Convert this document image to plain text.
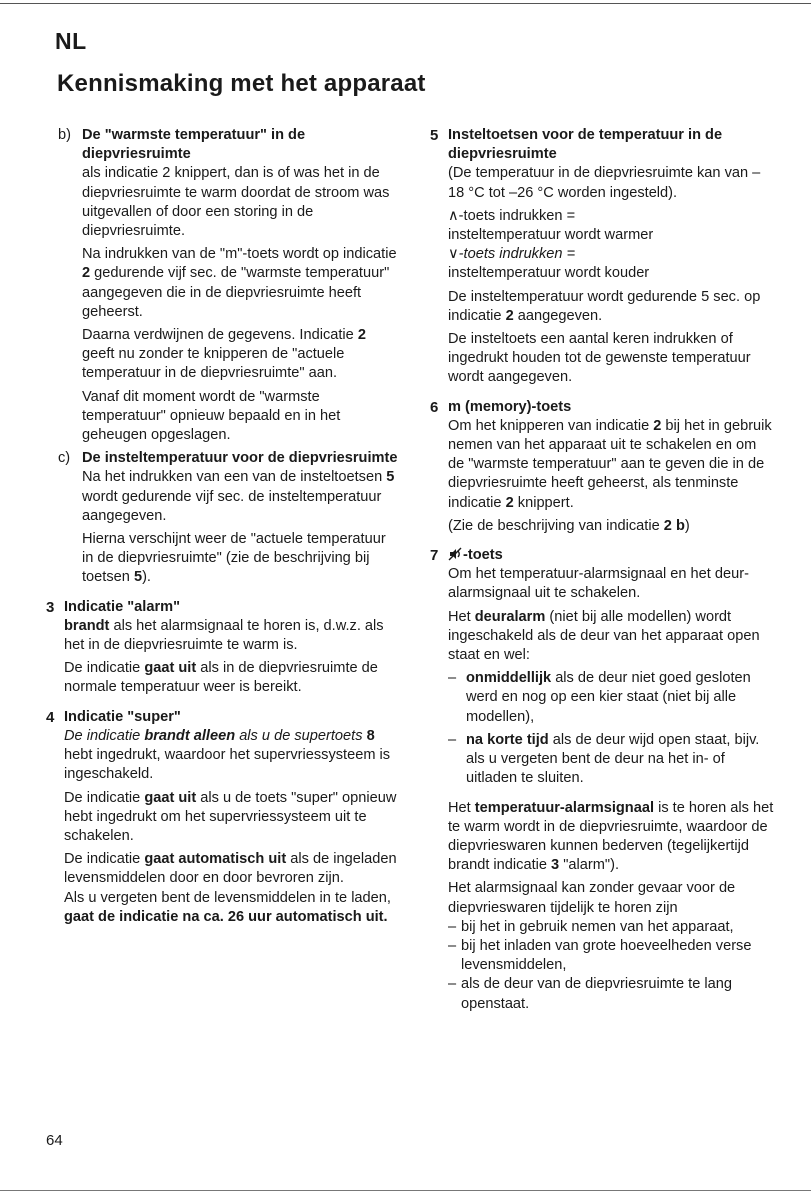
NL
Kennismaking met het apparaat
b) De "warmste temperatuur" in de diepvriesruimte

als indicatie 2 knippert, dan is of was het in de diepvriesruimte te warm doordat de stroom was uitgevallen of door een storing in de diepvriesruimte.

Na indrukken van de "m"-toets wordt op indicatie 2 gedurende vijf sec. de "warmste temperatuur" aangegeven die in de diepvriesruimte heeft geheerst.

Daarna verdwijnen de gegevens. Indicatie 2 geeft nu zonder te knipperen de "actuele temperatuur in de diepvriesruimte" aan.

Vanaf dit moment wordt de "warmste temperatuur" opnieuw bepaald en in het geheugen opgeslagen.

c) De insteltemperatuur voor de diepvriesruimte

Na het indrukken van een van de insteltoetsen 5 wordt gedurende vijf sec. de insteltemperatuur aangegeven.

Hierna verschijnt weer de "actuele temperatuur in de diepvriesruimte" (zie de beschrijving bij toetsen 5).

3 Indicatie "alarm"

brandt als het alarmsignaal te horen is, d.w.z. als het in de diepvriesruimte te warm is.

De indicatie gaat uit als in de diepvriesruimte de normale temperatuur weer is bereikt.

4 Indicatie "super"

De indicatie brandt alleen als u de supertoets 8 hebt ingedrukt, waardoor het supervriessysteem is ingeschakeld.

De indicatie gaat uit als u de toets "super" opnieuw hebt ingedrukt om het supervriessysteem uit te schakelen.

De indicatie gaat automatisch uit als de ingeladen levensmiddelen door en door bevroren zijn.
Als u vergeten bent de levensmiddelen in te laden, gaat de indicatie na ca. 26 uur automatisch uit.

5 Insteltoetsen voor de temperatuur in de diepvriesruimte

(De temperatuur in de diepvriesruimte kan van –18 °C tot –26 °C worden ingesteld).

∧-toets indrukken =
insteltemperatuur wordt warmer
∨-toets indrukken =
insteltemperatuur wordt kouder

De insteltemperatuur wordt gedurende 5 sec. op indicatie 2 aangegeven.

De insteltoets een aantal keren indrukken of ingedrukt houden tot de gewenste temperatuur wordt aangegeven.

6 m (memory)-toets

Om het knipperen van indicatie 2 bij het in gebruik nemen van het apparaat uit te schakelen en om de "warmste temperatuur" aan te geven die in de diepvriesruimte heeft geheerst, als tenminste indicatie 2 knippert.

(Zie de beschrijving van indicatie 2 b)

7	-toets

Om het temperatuur-alarmsignaal en het deur-alarmsignaal uit te schakelen.

Het deuralarm (niet bij alle modellen) wordt ingeschakeld als de deur van het apparaat open staat en wel:

– onmiddellijk als de deur niet goed gesloten werd en nog op een kier staat (niet bij alle modellen),
– na korte tijd als de deur wijd open staat, bijv. als u vergeten bent de deur na het in- of uitladen te sluiten.

Het temperatuur-alarmsignaal is te horen als het te warm wordt in de diepvriesruimte, waardoor de diepvrieswaren kunnen bederven (tegelijkertijd brandt indicatie 3 "alarm").

Het alarmsignaal kan zonder gevaar voor de diepvrieswaren tijdelijk te horen zijn

– bij het in gebruik nemen van het apparaat,
– bij het inladen van grote hoeveelheden verse levensmiddelen,
– als de deur van de diepvriesruimte te lang openstaat.
64
